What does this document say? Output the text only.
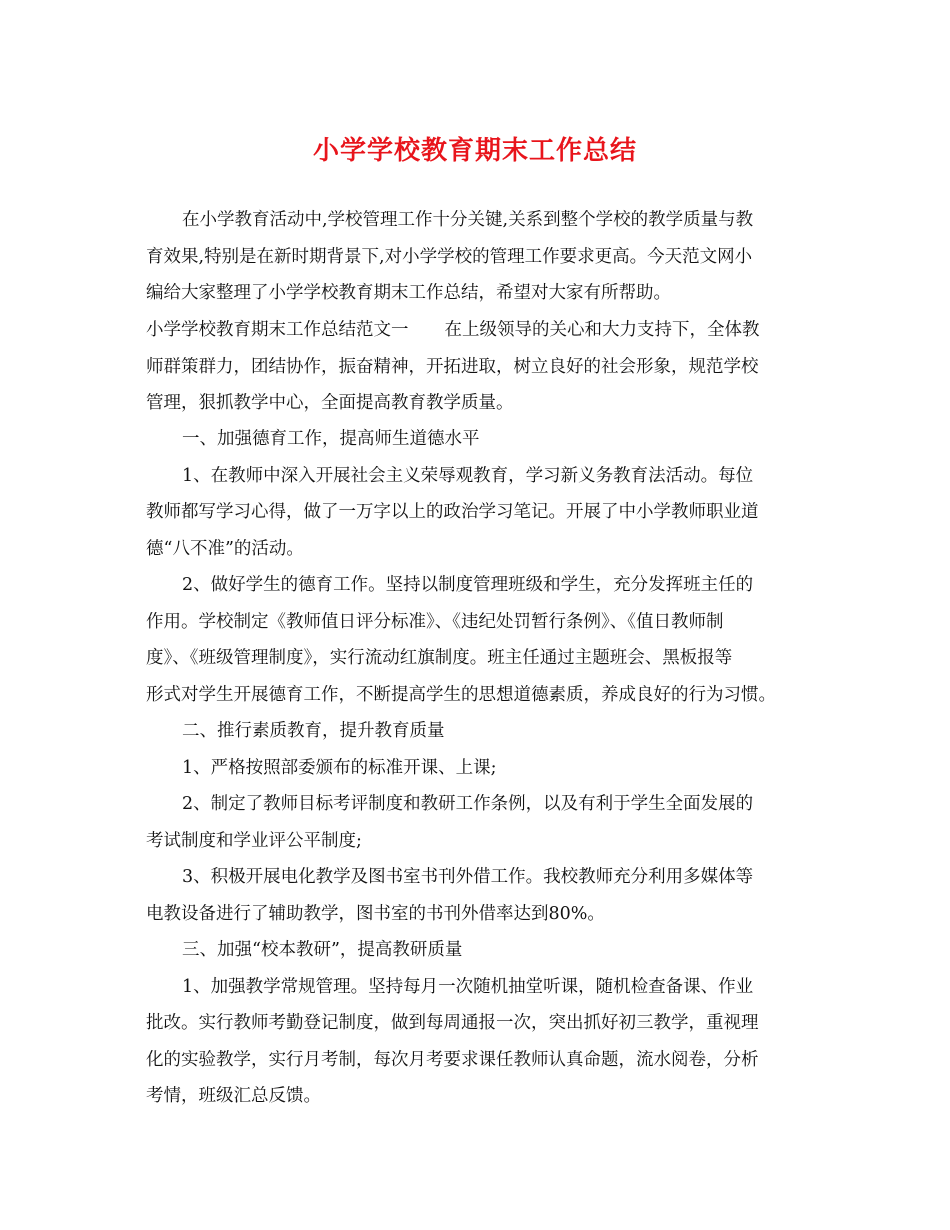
小学学校教育期末工作总结
在小学教育活动中,学校管理工作十分关键,关系到整个学校的教学质量与教
育效果,特别是在新时期背景下,对小学学校的管理工作要求更高。今天范文网小
编给大家整理了小学学校教育期末工作总结，希望对大家有所帮助。
小学学校教育期末工作总结范文一 在上级领导的关心和大力支持下，全体教
师群策群力，团结协作，振奋精神，开拓进取，树立良好的社会形象，规范学校
管理，狠抓教学中心，全面提高教育教学质量。
一、加强德育工作，提高师生道德水平
1、在教师中深入开展社会主义荣辱观教育，学习新义务教育法活动。每位
教师都写学习心得，做了一万字以上的政治学习笔记。开展了中小学教师职业道
德“八不准”的活动。
2、做好学生的德育工作。坚持以制度管理班级和学生，充分发挥班主任的
作用。学校制定《教师值日评分标准》、《违纪处罚暂行条例》、《值日教师制
度》、《班级管理制度》，实行流动红旗制度。班主任通过主题班会、黑板报等
形式对学生开展德育工作，不断提高学生的思想道德素质，养成良好的行为习惯。
二、推行素质教育，提升教育质量
1、严格按照部委颁布的标准开课、上课;
2、制定了教师目标考评制度和教研工作条例，以及有利于学生全面发展的
考试制度和学业评公平制度;
3、积极开展电化教学及图书室书刊外借工作。我校教师充分利用多媒体等
电教设备进行了辅助教学，图书室的书刊外借率达到80%。
三、加强“校本教研”，提高教研质量
1、加强教学常规管理。坚持每月一次随机抽堂听课，随机检查备课、作业
批改。实行教师考勤登记制度，做到每周通报一次，突出抓好初三教学，重视理
化的实验教学，实行月考制，每次月考要求课任教师认真命题，流水阅卷，分析
考情，班级汇总反馈。
